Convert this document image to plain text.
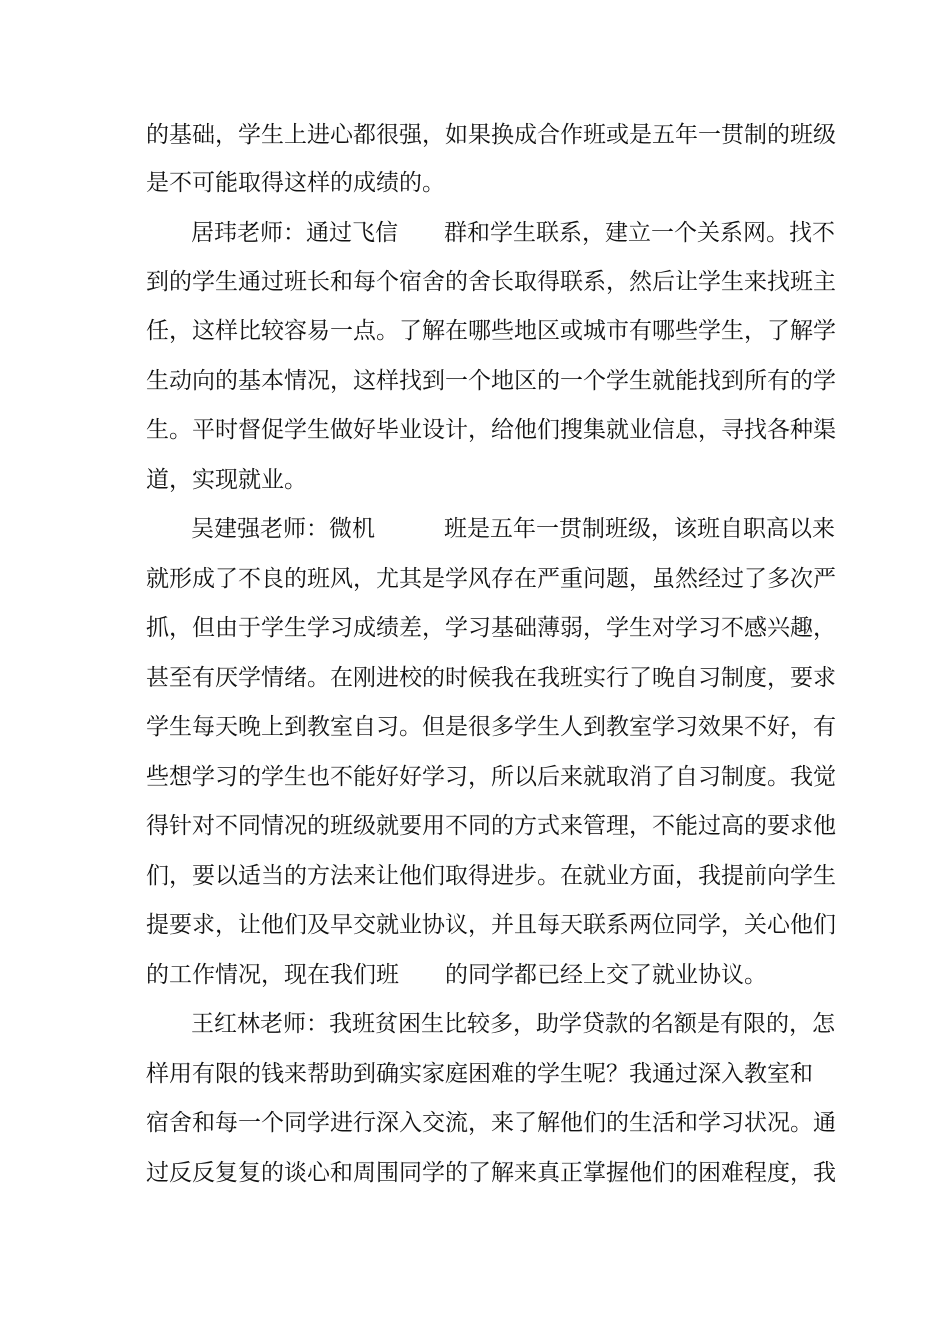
的基础，学生上进心都很强，如果换成合作班或是五年一贯制的班级
是不可能取得这样的成绩的。
居玮老师：通过飞信　　群和学生联系，建立一个关系网。找不
到的学生通过班长和每个宿舍的舍长取得联系，然后让学生来找班主
任，这样比较容易一点。了解在哪些地区或城市有哪些学生，了解学
生动向的基本情况，这样找到一个地区的一个学生就能找到所有的学
生。平时督促学生做好毕业设计，给他们搜集就业信息，寻找各种渠
道，实现就业。
吴建强老师：微机　　　班是五年一贯制班级，该班自职高以来
就形成了不良的班风，尤其是学风存在严重问题，虽然经过了多次严
抓，但由于学生学习成绩差，学习基础薄弱，学生对学习不感兴趣，
甚至有厌学情绪。在刚进校的时候我在我班实行了晚自习制度，要求
学生每天晚上到教室自习。但是很多学生人到教室学习效果不好，有
些想学习的学生也不能好好学习，所以后来就取消了自习制度。我觉
得针对不同情况的班级就要用不同的方式来管理，不能过高的要求他
们，要以适当的方法来让他们取得进步。在就业方面，我提前向学生
提要求，让他们及早交就业协议，并且每天联系两位同学，关心他们
的工作情况，现在我们班　　的同学都已经上交了就业协议。
王红林老师：我班贫困生比较多，助学贷款的名额是有限的，怎
样用有限的钱来帮助到确实家庭困难的学生呢？我通过深入教室和
宿舍和每一个同学进行深入交流，来了解他们的生活和学习状况。通
过反反复复的谈心和周围同学的了解来真正掌握他们的困难程度，我
